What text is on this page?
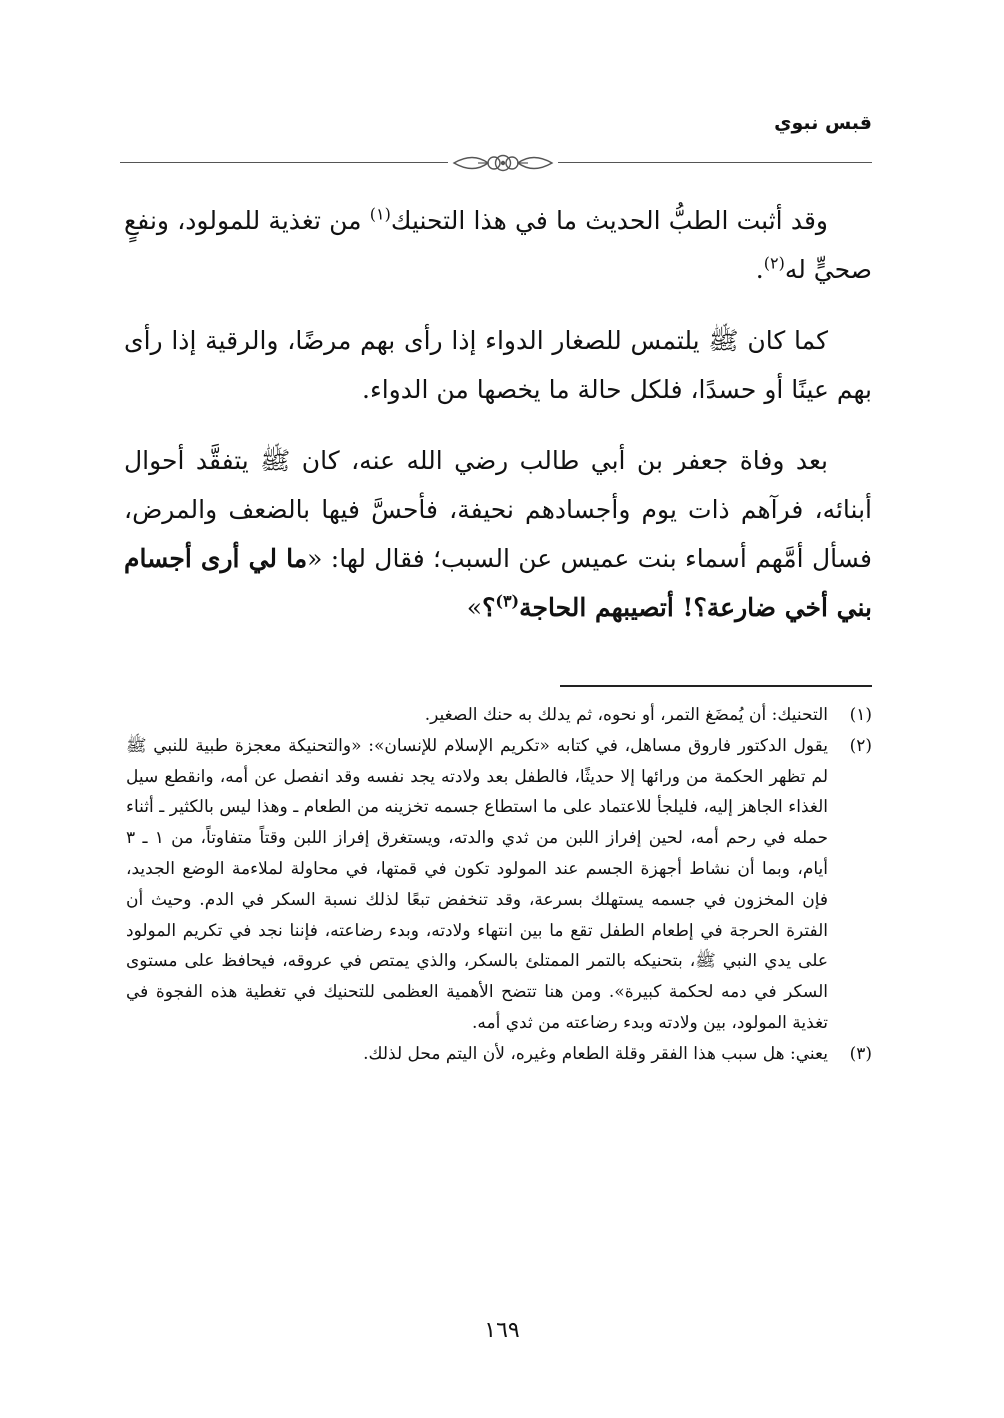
قبس نبوي

وقد أثبت الطبُّ الحديث ما في هذا التحنيك$^{(١)}$ من تغذية للمولود، ونفعٍ صحيٍّ له$^{(٢)}$.

كما كان ﷺ يلتمس للصغار الدواء إذا رأى بهم مرضًا، والرقية إذا رأى بهم عينًا أو حسدًا، فلكل حالة ما يخصها من الدواء.

بعد وفاة جعفر بن أبي طالب رضي الله عنه، كان ﷺ يتفقَّد أحوال أبنائه، فرآهم ذات يوم وأجسادهم نحيفة، فأحسَّ فيها بالضعف والمرض، فسأل أمَّهم أسماء بنت عميس عن السبب؛ فقال لها: «ما لي أرى أجسام بني أخي ضارعة؟! أتصيبهم الحاجة$^{(٣)}$؟»

(١)
التحنيك: أن يُمضَغ التمر، أو نحوه، ثم يدلك به حنك الصغير.
(٢)
يقول الدكتور فاروق مساهل، في كتابه «تكريم الإسلام للإنسان»: «والتحنيكة معجزة طبية للنبي ﷺ لم تظهر الحكمة من ورائها إلا حديثًا، فالطفل بعد ولادته يجد نفسه وقد انفصل عن أمه، وانقطع سيل الغذاء الجاهز إليه، فليلجأ للاعتماد على ما استطاع جسمه تخزينه من الطعام ـ وهذا ليس بالكثير ـ أثناء حمله في رحم أمه، لحين إفراز اللبن من ثدي والدته، ويستغرق إفراز اللبن وقتاً متفاوتاً، من ١ ـ ٣ أيام، وبما أن نشاط أجهزة الجسم عند المولود تكون في قمتها، في محاولة لملاءمة الوضع الجديد، فإن المخزون في جسمه يستهلك بسرعة، وقد تنخفض تبعًا لذلك نسبة السكر في الدم. وحيث أن الفترة الحرجة في إطعام الطفل تقع ما بين انتهاء ولادته، وبدء رضاعته، فإننا نجد في تكريم المولود على يدي النبي ﷺ، بتحنيكه بالتمر الممتلئ بالسكر، والذي يمتص في عروقه، فيحافظ على مستوى السكر في دمه لحكمة كبيرة». ومن هنا تتضح الأهمية العظمى للتحنيك في تغطية هذه الفجوة في تغذية المولود، بين ولادته وبدء رضاعته من ثدي أمه.
(٣)
يعني: هل سبب هذا الفقر وقلة الطعام وغيره، لأن اليتم محل لذلك.
١٦٩
